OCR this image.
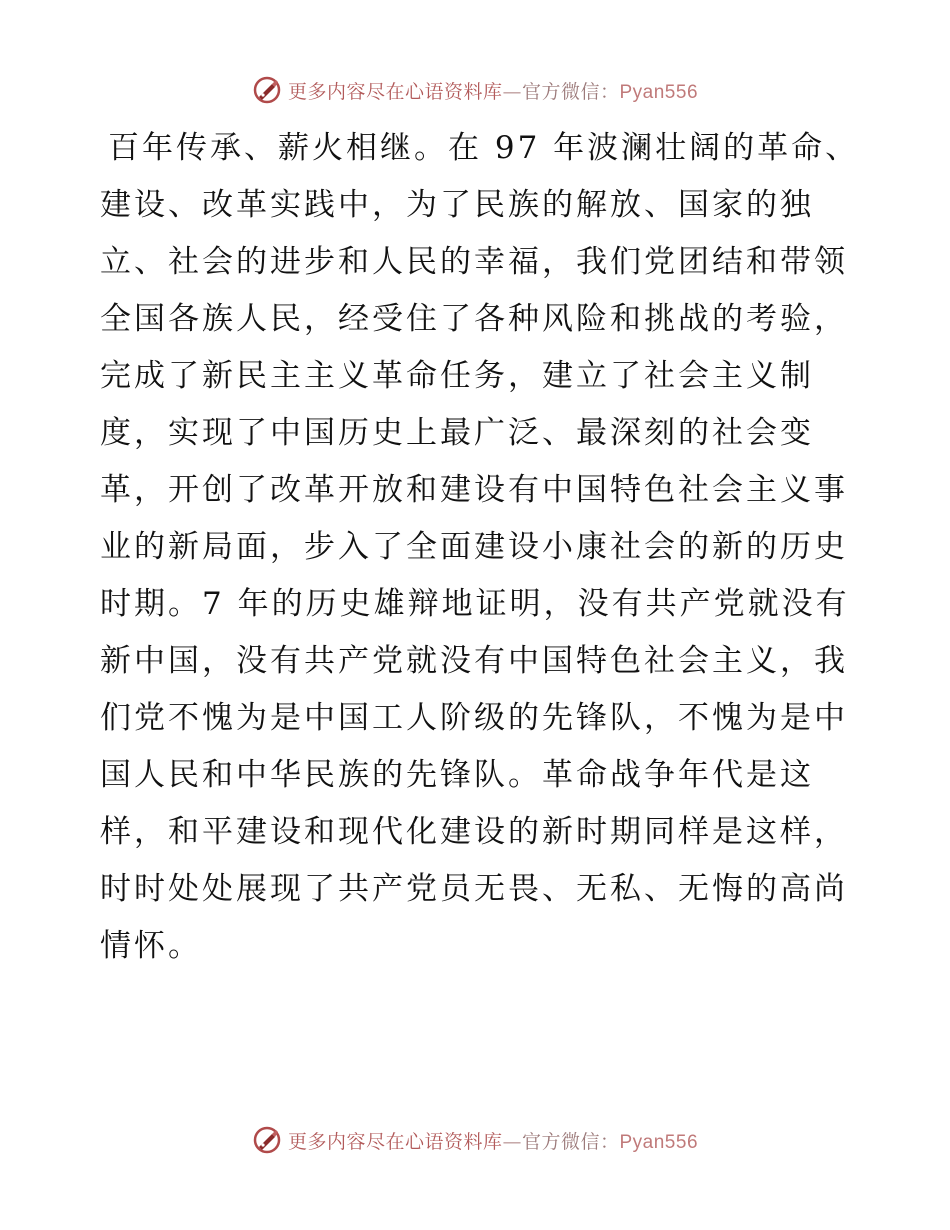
更多内容尽在心语资料库—官方微信：Pyan556

百年传承、薪火相继。在 97 年波澜壮阔的革命、建设、改革实践中，为了民族的解放、国家的独立、社会的进步和人民的幸福，我们党团结和带领全国各族人民，经受住了各种风险和挑战的考验，完成了新民主主义革命任务，建立了社会主义制度，实现了中国历史上最广泛、最深刻的社会变革，开创了改革开放和建设有中国特色社会主义事业的新局面，步入了全面建设小康社会的新的历史时期。7 年的历史雄辩地证明，没有共产党就没有新中国，没有共产党就没有中国特色社会主义，我们党不愧为是中国工人阶级的先锋队，不愧为是中国人民和中华民族的先锋队。革命战争年代是这样，和平建设和现代化建设的新时期同样是这样，时时处处展现了共产党员无畏、无私、无悔的高尚情怀。

更多内容尽在心语资料库—官方微信：Pyan556
